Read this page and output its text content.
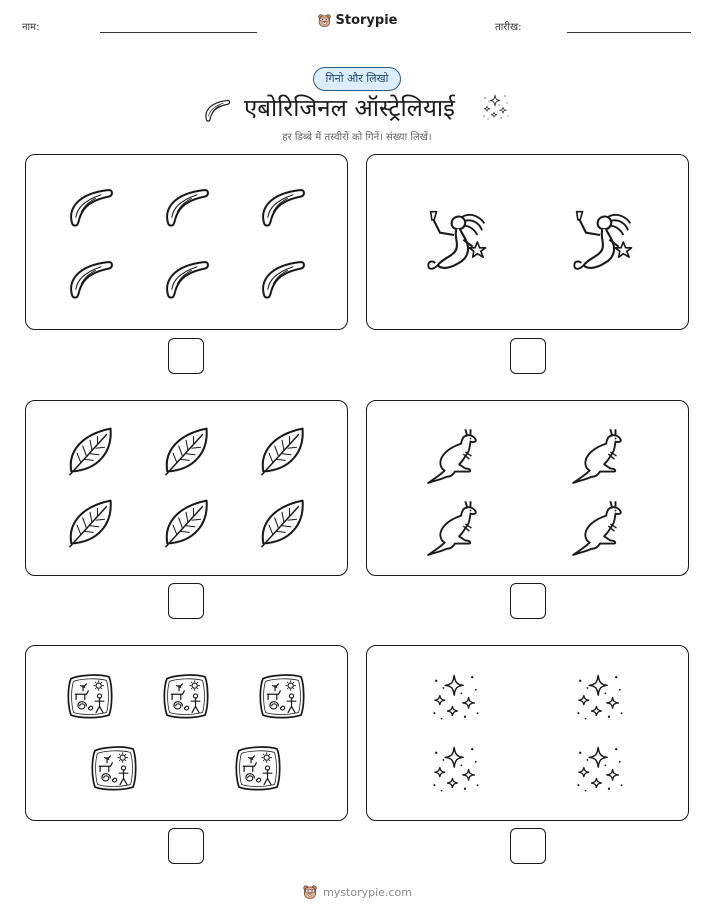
नाम:	Storypie	तारीख:
गिनो और लिखो
एबोरिजिनल ऑस्ट्रेलियाई
हर डिब्बे में तस्वीरों को गिनें। संख्या लिखें।
mystorypie.com
